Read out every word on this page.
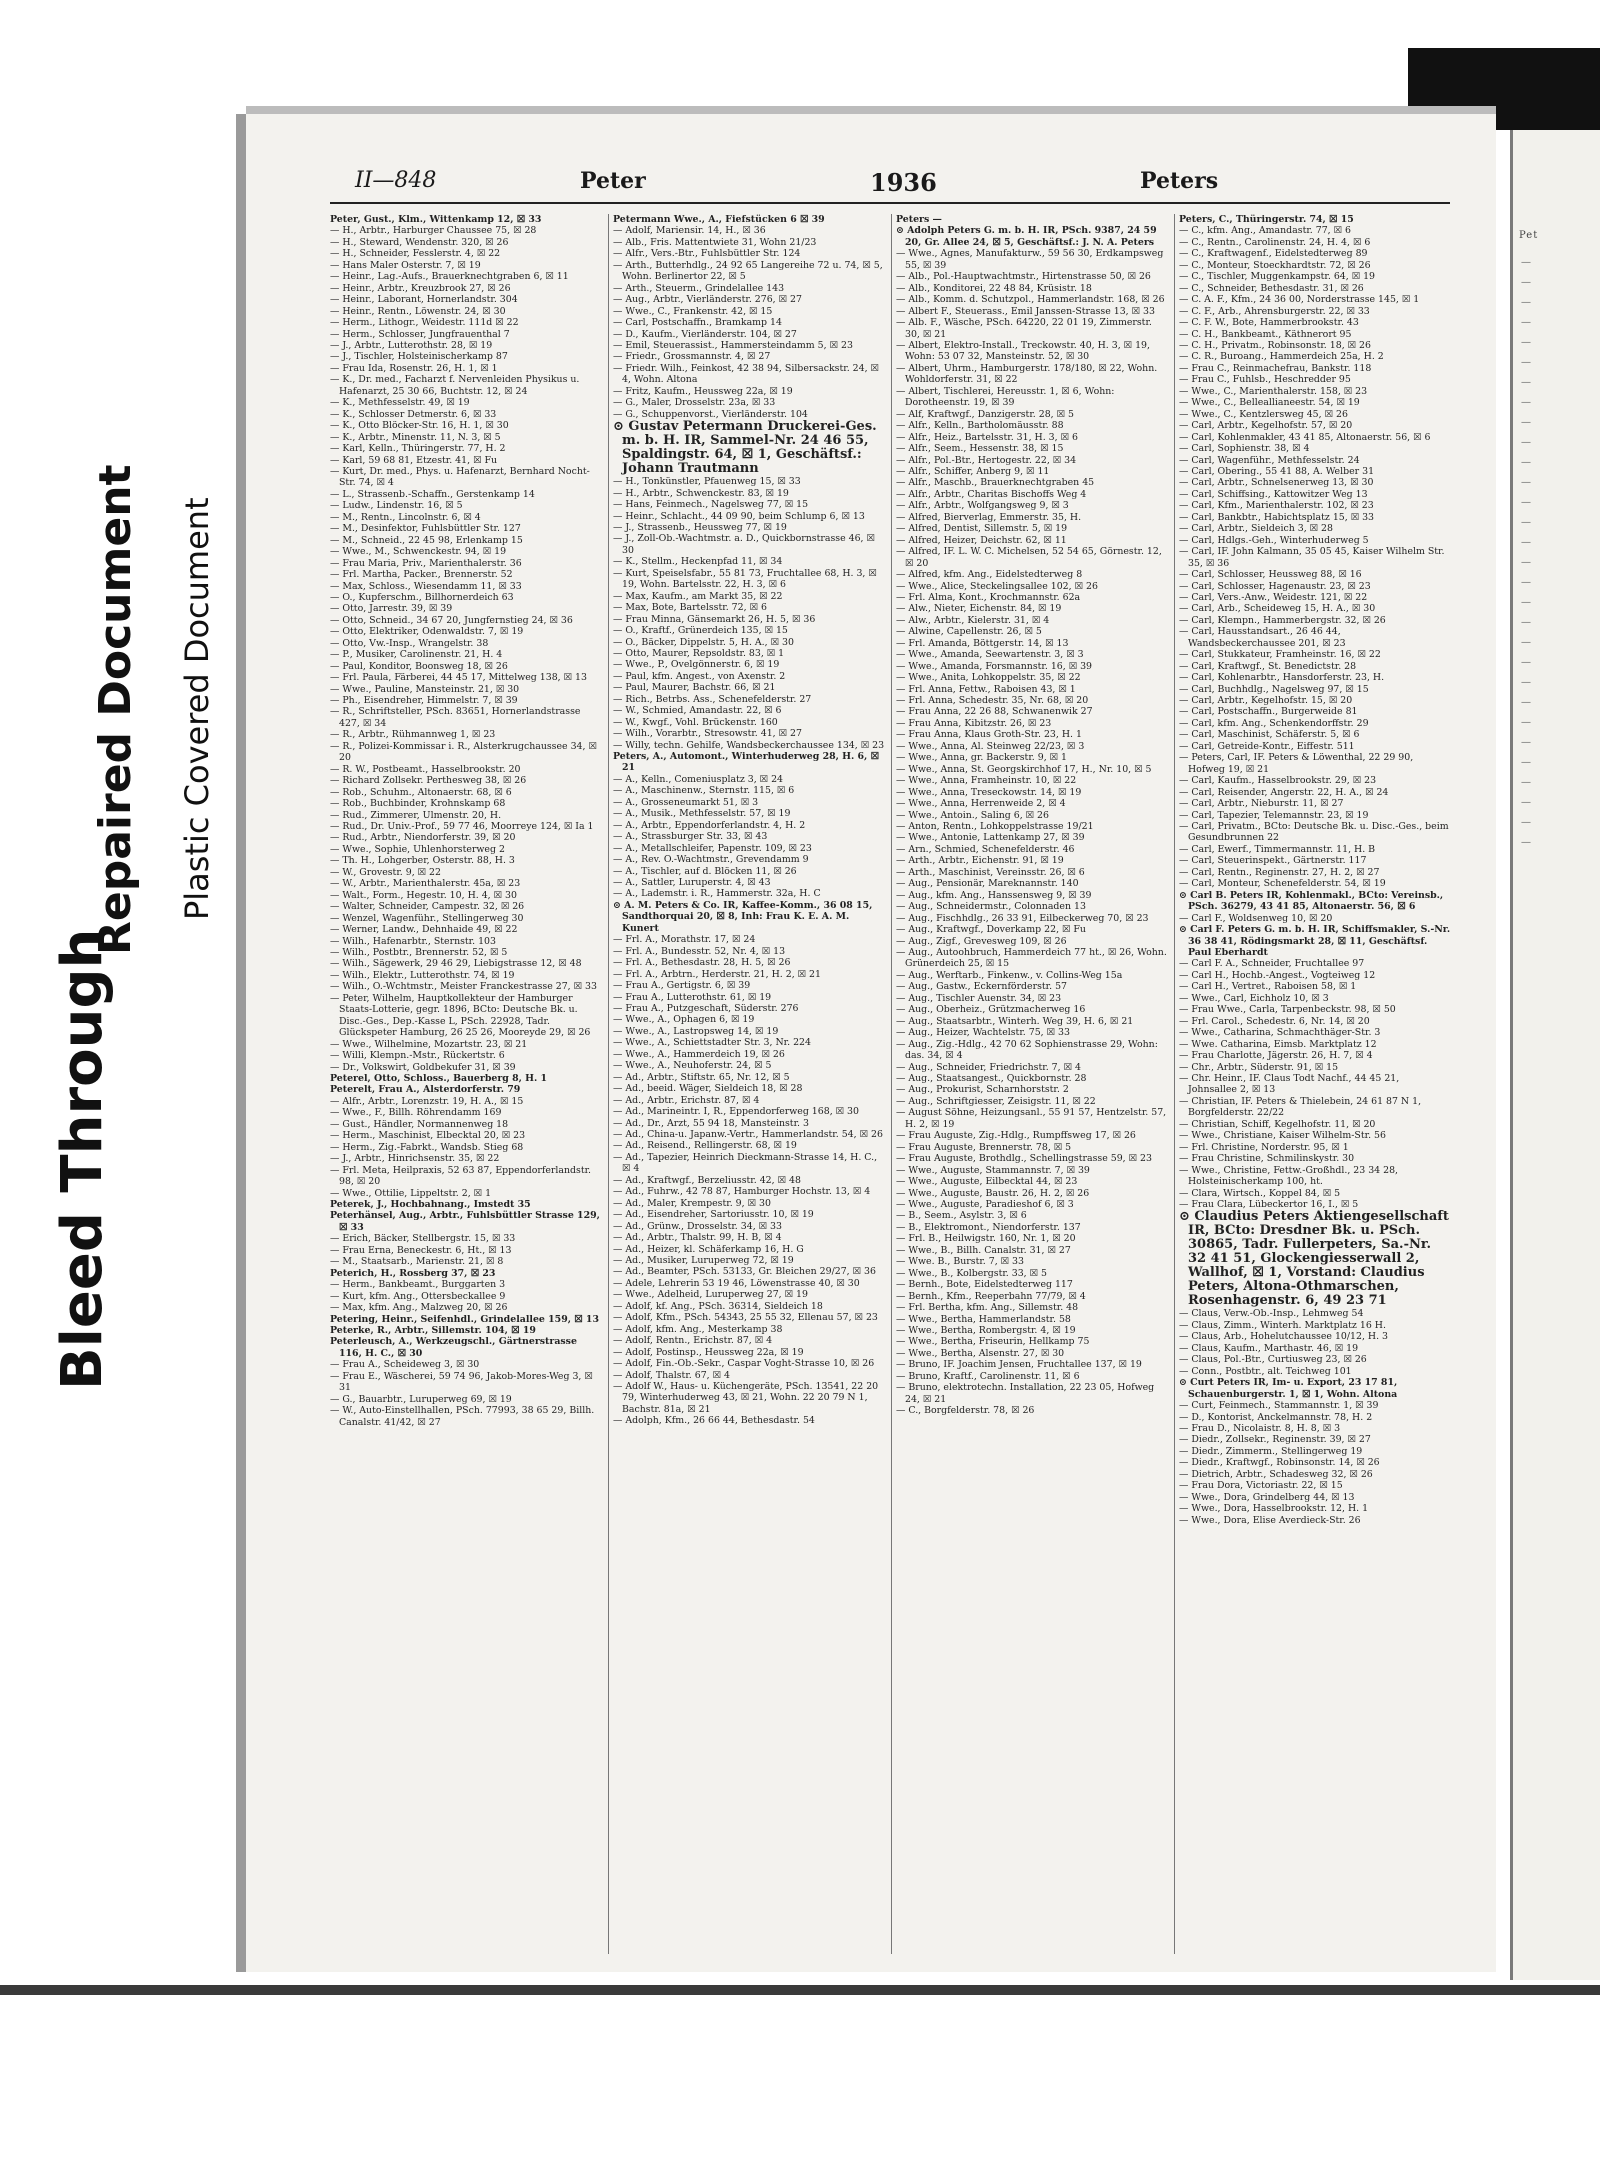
Bleed Through
Repaired Document Plastic Covered Document
Pet
—
—
—
—
—
—
—
—
—
—
—
—
—
—
—
—
—
—
—
—
—
—
—
—
—
—
—
—
—
—
II—848	Peter	1936	Peters
Peter, Gust., Klm., Wittenkamp 12, ☒ 33
— H., Arbtr., Harburger Chaussee 75, ☒ 28
— H., Steward, Wendenstr. 320, ☒ 26
— H., Schneider, Fesslerstr. 4, ☒ 22
— Hans Maler Osterstr. 7, ☒ 19
— Heinr., Lag.-Aufs., Brauerknechtgraben 6, ☒ 11
— Heinr., Arbtr., Kreuzbrook 27, ☒ 26
— Heinr., Laborant, Hornerlandstr. 304
— Heinr., Rentn., Löwenstr. 24, ☒ 30
— Herm., Lithogr., Weidestr. 111d ☒ 22
— Herm., Schlosser, Jungfrauenthal 7
— J., Arbtr., Lutterothstr. 28, ☒ 19
— J., Tischler, Holsteinischerkamp 87
— Frau Ida, Rosenstr. 26, H. 1, ☒ 1
— K., Dr. med., Facharzt f. Nervenleiden Physikus u. Hafenarzt, 25 30 66, Buchtstr. 12, ☒ 24
— K., Methfesselstr. 49, ☒ 19
— K., Schlosser Detmerstr. 6, ☒ 33
— K., Otto Blöcker-Str. 16, H. 1, ☒ 30
— K., Arbtr., Minenstr. 11, N. 3, ☒ 5
— Karl, Kelln., Thüringerstr. 77, H. 2
— Karl, 59 68 81, Etzestr. 41, ☒ Fu
— Kurt, Dr. med., Phys. u. Hafenarzt, Bernhard Nocht-Str. 74, ☒ 4
— L., Strassenb.-Schaffn., Gerstenkamp 14
— Ludw., Lindenstr. 16, ☒ 5
— M., Rentn., Lincolnstr. 6, ☒ 4
— M., Desinfektor, Fuhlsbüttler Str. 127
— M., Schneid., 22 45 98, Erlenkamp 15
— Wwe., M., Schwenckestr. 94, ☒ 19
— Frau Maria, Priv., Marienthalerstr. 36
— Frl. Martha, Packer., Brennerstr. 52
— Max, Schloss., Wiesendamm 11, ☒ 33
— O., Kupferschm., Billhornerdeich 63
— Otto, Jarrestr. 39, ☒ 39
— Otto, Schneid., 34 67 20, Jungfernstieg 24, ☒ 36
— Otto, Elektriker, Odenwaldstr. 7, ☒ 19
— Otto, Vw.-Insp., Wrangelstr. 38
— P., Musiker, Carolinenstr. 21, H. 4
— Paul, Konditor, Boonsweg 18, ☒ 26
— Frl. Paula, Färberei, 44 45 17, Mittelweg 138, ☒ 13
— Wwe., Pauline, Mansteinstr. 21, ☒ 30
— Ph., Eisendreher, Himmelstr. 7, ☒ 39
— R., Schriftsteller, PSch. 83651, Hornerlandstrasse 427, ☒ 34
— R., Arbtr., Rühmannweg 1, ☒ 23
— R., Polizei-Kommissar i. R., Alsterkrugchaussee 34, ☒ 20
— R. W., Postbeamt., Hasselbrookstr. 20
— Richard Zollsekr. Perthesweg 38, ☒ 26
— Rob., Schuhm., Altonaerstr. 68, ☒ 6
— Rob., Buchbinder, Krohnskamp 68
— Rud., Zimmerer, Ulmenstr. 20, H.
— Rud., Dr. Univ.-Prof., 59 77 46, Moorreye 124, ☒ Ia 1
— Rud., Arbtr., Niendorferstr. 39, ☒ 20
— Wwe., Sophie, Uhlenhorsterweg 2
— Th. H., Lohgerber, Osterstr. 88, H. 3
— W., Grovestr. 9, ☒ 22
— W., Arbtr., Marienthalerstr. 45a, ☒ 23
— Walt., Form., Hegestr. 10, H. 4, ☒ 30
— Walter, Schneider, Campestr. 32, ☒ 26
— Wenzel, Wagenführ., Stellingerweg 30
— Werner, Landw., Dehnhaide 49, ☒ 22
— Wilh., Hafenarbtr., Sternstr. 103
— Wilh., Postbtr., Brennerstr. 52, ☒ 5
— Wilh., Sägewerk, 29 46 29, Liebigstrasse 12, ☒ 48
— Wilh., Elektr., Lutterothstr. 74, ☒ 19
— Wilh., O.-Wchtmstr., Meister Franckestrasse 27, ☒ 33
— Peter, Wilhelm, Hauptkollekteur der Hamburger Staats-Lotterie, gegr. 1896, BCto: Deutsche Bk. u. Disc.-Ges., Dep.-Kasse L, PSch. 22928, Tadr. Glückspeter Hamburg, 26 25 26, Mooreyde 29, ☒ 26
— Wwe., Wilhelmine, Mozartstr. 23, ☒ 21
— Willi, Klempn.-Mstr., Rückertstr. 6
— Dr., Volkswirt, Goldbekufer 31, ☒ 39
Peterel, Otto, Schloss., Bauerberg 8, H. 1
Peterelt, Frau A., Alsterdorferstr. 79
— Alfr., Arbtr., Lorenzstr. 19, H. A., ☒ 15
— Wwe., F., Billh. Röhrendamm 169
— Gust., Händler, Normannenweg 18
— Herm., Maschinist, Elbecktal 20, ☒ 23
— Herm., Zig.-Fabrkt., Wandsb. Stieg 68
— J., Arbtr., Hinrichsenstr. 35, ☒ 22
— Frl. Meta, Heilpraxis, 52 63 87, Eppendorferlandstr. 98, ☒ 20
— Wwe., Ottilie, Lippeltstr. 2, ☒ 1
Peterek, J., Hochbahnang., Imstedt 35
Peterhänsel, Aug., Arbtr., Fuhlsbüttler Strasse 129, ☒ 33
— Erich, Bäcker, Stellbergstr. 15, ☒ 33
— Frau Erna, Beneckestr. 6, Ht., ☒ 13
— M., Staatsarb., Marienstr. 21, ☒ 8
Peterich, H., Rossberg 37, ☒ 23
— Herm., Bankbeamt., Burggarten 3
— Kurt, kfm. Ang., Ottersbeckallee 9
— Max, kfm. Ang., Malzweg 20, ☒ 26
Petering, Heinr., Seifenhdl., Grindelallee 159, ☒ 13
Peterke, R., Arbtr., Sillemstr. 104, ☒ 19
Peterleusch, A., Werkzeugschl., Gärtnerstrasse 116, H. C., ☒ 30
— Frau A., Scheideweg 3, ☒ 30
— Frau E., Wäscherei, 59 74 96, Jakob-Mores-Weg 3, ☒ 31
— G., Bauarbtr., Luruperweg 69, ☒ 19
— W., Auto-Einstellhallen, PSch. 77993, 38 65 29, Billh. Canalstr. 41/42, ☒ 27
Petermann Wwe., A., Fiefstücken 6 ☒ 39
— Adolf, Mariensir. 14, H., ☒ 36
— Alb., Fris. Mattentwiete 31, Wohn 21/23
— Alfr., Vers.-Btr., Fuhlsbüttler Str. 124
— Arth., Butterhdlg., 24 92 65 Langereihe 72 u. 74, ☒ 5, Wohn. Berlinertor 22, ☒ 5
— Arth., Steuerm., Grindelallee 143
— Aug., Arbtr., Vierländerstr. 276, ☒ 27
— Wwe., C., Frankenstr. 42, ☒ 15
— Carl, Postschaffn., Bramkamp 14
— D., Kaufm., Vierländerstr. 104, ☒ 27
— Emil, Steuerassist., Hammersteindamm 5, ☒ 23
— Friedr., Grossmannstr. 4, ☒ 27
— Friedr. Wilh., Feinkost, 42 38 94, Silbersackstr. 24, ☒ 4, Wohn. Altona
— Fritz, Kaufm., Heussweg 22a, ☒ 19
— G., Maler, Drosselstr. 23a, ☒ 33
— G., Schuppenvorst., Vierländerstr. 104
⊙ Gustav Petermann Druckerei-Ges. m. b. H. IR, Sammel-Nr. 24 46 55, Spaldingstr. 64, ☒ 1, Geschäftsf.: Johann Trautmann
— H., Tonkünstler, Pfauenweg 15, ☒ 33
— H., Arbtr., Schwenckestr. 83, ☒ 19
— Hans, Feinmech., Nagelsweg 77, ☒ 15
— Heinr., Schlacht., 44 09 90, beim Schlump 6, ☒ 13
— J., Strassenb., Heussweg 77, ☒ 19
— J., Zoll-Ob.-Wachtmstr. a. D., Quickbornstrasse 46, ☒ 30
— K., Stellm., Heckenpfad 11, ☒ 34
— Kurt, Speiselsfabr., 55 81 73, Fruchtallee 68, H. 3, ☒ 19, Wohn. Bartelsstr. 22, H. 3, ☒ 6
— Max, Kaufm., am Markt 35, ☒ 22
— Max, Bote, Bartelsstr. 72, ☒ 6
— Frau Minna, Gänsemarkt 26, H. 5, ☒ 36
— O., Kraftf., Grünerdeich 135, ☒ 15
— O., Bäcker, Dippelstr. 5, H. A., ☒ 30
— Otto, Maurer, Repsoldstr. 83, ☒ 1
— Wwe., P., Ovelgönnerstr. 6, ☒ 19
— Paul, kfm. Angest., von Axenstr. 2
— Paul, Maurer, Bachstr. 66, ☒ 21
— Rich., Betrbs. Ass., Schenefelderstr. 27
— W., Schmied, Amandastr. 22, ☒ 6
— W., Kwgf., Vohl. Brückenstr. 160
— Wilh., Vorarbtr., Stresowstr. 41, ☒ 27
— Willy, techn. Gehilfe, Wandsbeckerchaussee 134, ☒ 23
Peters, A., Automont., Winterhuderweg 28, H. 6, ☒ 21
— A., Kelln., Comeniusplatz 3, ☒ 24
— A., Maschinenw., Sternstr. 115, ☒ 6
— A., Grosseneumarkt 51, ☒ 3
— A., Musik., Methfesselstr. 57, ☒ 19
— A., Arbtr., Eppendorferlandstr. 4, H. 2
— A., Strassburger Str. 33, ☒ 43
— A., Metallschleifer, Papenstr. 109, ☒ 23
— A., Rev. O.-Wachtmstr., Grevendamm 9
— A., Tischler, auf d. Blöcken 11, ☒ 26
— A., Sattler, Luruperstr. 4, ☒ 43
— A., Lademstr. i. R., Hammerstr. 32a, H. C
⊙ A. M. Peters & Co. IR, Kaffee-Komm., 36 08 15, Sandthorquai 20, ☒ 8, Inh: Frau K. E. A. M. Kunert
— Frl. A., Morathstr. 17, ☒ 24
— Frl. A., Bundesstr. 52, Nr. 4, ☒ 13
— Frl. A., Bethesdastr. 28, H. 5, ☒ 26
— Frl. A., Arbtrn., Herderstr. 21, H. 2, ☒ 21
— Frau A., Gertigstr. 6, ☒ 39
— Frau A., Lutterothstr. 61, ☒ 19
— Frau A., Putzgeschaft, Süderstr. 276
— Wwe., A., Ophagen 6, ☒ 19
— Wwe., A., Lastropsweg 14, ☒ 19
— Wwe., A., Schiettstadter Str. 3, Nr. 224
— Wwe., A., Hammerdeich 19, ☒ 26
— Wwe., A., Neuhoferstr. 24, ☒ 5
— Ad., Arbtr., Stiftstr. 65, Nr. 12, ☒ 5
— Ad., beeid. Wäger, Sieldeich 18, ☒ 28
— Ad., Arbtr., Erichstr. 87, ☒ 4
— Ad., Marineintr. I, R., Eppendorferweg 168, ☒ 30
— Ad., Dr., Arzt, 55 94 18, Mansteinstr. 3
— Ad., China-u. Japanw.-Vertr., Hammerlandstr. 54, ☒ 26
— Ad., Reisend., Rellingerstr. 68, ☒ 19
— Ad., Tapezier, Heinrich Dieckmann-Strasse 14, H. C., ☒ 4
— Ad., Kraftwgf., Berzeliusstr. 42, ☒ 48
— Ad., Fuhrw., 42 78 87, Hamburger Hochstr. 13, ☒ 4
— Ad., Maler, Krempestr. 9, ☒ 30
— Ad., Eisendreher, Sartoriusstr. 10, ☒ 19
— Ad., Grünw., Drosselstr. 34, ☒ 33
— Ad., Arbtr., Thalstr. 99, H. B, ☒ 4
— Ad., Heizer, kl. Schäferkamp 16, H. G
— Ad., Musiker, Luruperweg 72, ☒ 19
— Ad., Beamter, PSch. 53133, Gr. Bleichen 29/27, ☒ 36
— Adele, Lehrerin 53 19 46, Löwenstrasse 40, ☒ 30
— Wwe., Adelheid, Luruperweg 27, ☒ 19
— Adolf, kf. Ang., PSch. 36314, Sieldeich 18
— Adolf, Kfm., PSch. 54343, 25 55 32, Ellenau 57, ☒ 23
— Adolf, kfm. Ang., Mesterkamp 38
— Adolf, Rentn., Erichstr. 87, ☒ 4
— Adolf, Postinsp., Heussweg 22a, ☒ 19
— Adolf, Fin.-Ob.-Sekr., Caspar Voght-Strasse 10, ☒ 26
— Adolf, Thalstr. 67, ☒ 4
— Adolf W., Haus- u. Küchengeräte, PSch. 13541, 22 20 79, Winterhuderweg 43, ☒ 21, Wohn. 22 20 79 N 1, Bachstr. 81a, ☒ 21
— Adolph, Kfm., 26 66 44, Bethesdastr. 54
Peters —
⊙ Adolph Peters G. m. b. H. IR, PSch. 9387, 24 59 20, Gr. Allee 24, ☒ 5, Geschäftsf.: J. N. A. Peters
— Wwe., Agnes, Manufakturw., 59 56 30, Erdkampsweg 55, ☒ 39
— Alb., Pol.-Hauptwachtmstr., Hirtenstrasse 50, ☒ 26
— Alb., Konditorei, 22 48 84, Krüsistr. 18
— Alb., Komm. d. Schutzpol., Hammerlandstr. 168, ☒ 26
— Albert F., Steuerass., Emil Janssen-Strasse 13, ☒ 33
— Alb. F., Wäsche, PSch. 64220, 22 01 19, Zimmerstr. 30, ☒ 21
— Albert, Elektro-Install., Treckowstr. 40, H. 3, ☒ 19, Wohn: 53 07 32, Mansteinstr. 52, ☒ 30
— Albert, Uhrm., Hamburgerstr. 178/180, ☒ 22, Wohn. Wohldorferstr. 31, ☒ 22
— Albert, Tischlerei, Hereusstr. 1, ☒ 6, Wohn: Dorotheenstr. 19, ☒ 39
— Alf, Kraftwgf., Danzigerstr. 28, ☒ 5
— Alfr., Kelln., Bartholomäusstr. 88
— Alfr., Heiz., Bartelsstr. 31, H. 3, ☒ 6
— Alfr., Seem., Hessenstr. 38, ☒ 15
— Alfr., Pol.-Btr., Hertogestr. 22, ☒ 34
— Alfr., Schiffer, Anberg 9, ☒ 11
— Alfr., Maschb., Brauerknechtgraben 45
— Alfr., Arbtr., Charitas Bischoffs Weg 4
— Alfr., Arbtr., Wolfgangsweg 9, ☒ 3
— Alfred, Bierverlag, Emmerstr. 35, H.
— Alfred, Dentist, Sillemstr. 5, ☒ 19
— Alfred, Heizer, Deichstr. 62, ☒ 11
— Alfred, IF. L. W. C. Michelsen, 52 54 65, Görnestr. 12, ☒ 20
— Alfred, kfm. Ang., Eidelstedterweg 8
— Wwe., Alice, Steckelingsallee 102, ☒ 26
— Frl. Alma, Kont., Krochmannstr. 62a
— Alw., Nieter, Eichenstr. 84, ☒ 19
— Alw., Arbtr., Kielerstr. 31, ☒ 4
— Alwine, Capellenstr. 26, ☒ 5
— Frl. Amanda, Böttgerstr. 14, ☒ 13
— Wwe., Amanda, Seewartenstr. 3, ☒ 3
— Wwe., Amanda, Forsmannstr. 16, ☒ 39
— Wwe., Anita, Lohkoppelstr. 35, ☒ 22
— Frl. Anna, Fettw., Raboisen 43, ☒ 1
— Frl. Anna, Schedestr. 35, Nr. 68, ☒ 20
— Frau Anna, 22 26 88, Schwanenwik 27
— Frau Anna, Kibitzstr. 26, ☒ 23
— Frau Anna, Klaus Groth-Str. 23, H. 1
— Wwe., Anna, Al. Steinweg 22/23, ☒ 3
— Wwe., Anna, gr. Backerstr. 9, ☒ 1
— Wwe., Anna, St. Georgskirchhof 17, H., Nr. 10, ☒ 5
— Wwe., Anna, Framheinstr. 10, ☒ 22
— Wwe., Anna, Treseckowstr. 14, ☒ 19
— Wwe., Anna, Herrenweide 2, ☒ 4
— Wwe., Antoin., Saling 6, ☒ 26
— Anton, Rentn., Lohkoppelstrasse 19/21
— Wwe., Antonie, Lattenkamp 27, ☒ 39
— Arn., Schmied, Schenefelderstr. 46
— Arth., Arbtr., Eichenstr. 91, ☒ 19
— Arth., Maschinist, Vereinsstr. 26, ☒ 6
— Aug., Pensionär, Mareknannstr. 140
— Aug., kfm. Ang., Hanssensweg 9, ☒ 39
— Aug., Schneidermstr., Colonnaden 13
— Aug., Fischhdlg., 26 33 91, Eilbeckerweg 70, ☒ 23
— Aug., Kraftwgf., Doverkamp 22, ☒ Fu
— Aug., Zigf., Grevesweg 109, ☒ 26
— Aug., Autoohbruch, Hammerdeich 77 ht., ☒ 26, Wohn. Grünerdeich 25, ☒ 15
— Aug., Werftarb., Finkenw., v. Collins-Weg 15a
— Aug., Gastw., Eckernförderstr. 57
— Aug., Tischler Auenstr. 34, ☒ 23
— Aug., Oberheiz., Grützmacherweg 16
— Aug., Staatsarbtr., Winterh. Weg 39, H. 6, ☒ 21
— Aug., Heizer, Wachtelstr. 75, ☒ 33
— Aug., Zig.-Hdlg., 42 70 62 Sophienstrasse 29, Wohn: das. 34, ☒ 4
— Aug., Schneider, Friedrichstr. 7, ☒ 4
— Aug., Staatsangest., Quickbornstr. 28
— Aug., Prokurist, Scharnhorststr. 2
— Aug., Schriftgiesser, Zeisigstr. 11, ☒ 22
— August Söhne, Heizungsanl., 55 91 57, Hentzelstr. 57, H. 2, ☒ 19
— Frau Auguste, Zig.-Hdlg., Rumpffsweg 17, ☒ 26
— Frau Auguste, Brennerstr. 78, ☒ 5
— Frau Auguste, Brothdlg., Schellingstrasse 59, ☒ 23
— Wwe., Auguste, Stammannstr. 7, ☒ 39
— Wwe., Auguste, Eilbecktal 44, ☒ 23
— Wwe., Auguste, Baustr. 26, H. 2, ☒ 26
— Wwe., Auguste, Paradieshof 6, ☒ 3
— B., Seem., Asylstr. 3, ☒ 6
— B., Elektromont., Niendorferstr. 137
— Frl. B., Heilwigstr. 160, Nr. 1, ☒ 20
— Wwe., B., Billh. Canalstr. 31, ☒ 27
— Wwe. B., Burstr. 7, ☒ 33
— Wwe., B., Kolbergstr. 33, ☒ 5
— Bernh., Bote, Eidelstedterweg 117
— Bernh., Kfm., Reeperbahn 77/79, ☒ 4
— Frl. Bertha, kfm. Ang., Sillemstr. 48
— Wwe., Bertha, Hammerlandstr. 58
— Wwe., Bertha, Rombergstr. 4, ☒ 19
— Wwe., Bertha, Friseurin, Hellkamp 75
— Wwe., Bertha, Alsenstr. 27, ☒ 30
— Bruno, IF. Joachim Jensen, Fruchtallee 137, ☒ 19
— Bruno, Kraftf., Carolinenstr. 11, ☒ 6
— Bruno, elektrotechn. Installation, 22 23 05, Hofweg 24, ☒ 21
— C., Borgfelderstr. 78, ☒ 26
Peters, C., Thüringerstr. 74, ☒ 15
— C., kfm. Ang., Amandastr. 77, ☒ 6
— C., Rentn., Carolinenstr. 24, H. 4, ☒ 6
— C., Kraftwagenf., Eidelstedterweg 89
— C., Monteur, Stoeckhardtstr. 72, ☒ 26
— C., Tischler, Muggenkampstr. 64, ☒ 19
— C., Schneider, Bethesdastr. 31, ☒ 26
— C. A. F., Kfm., 24 36 00, Norderstrasse 145, ☒ 1
— C. F., Arb., Ahrensburgerstr. 22, ☒ 33
— C. F. W., Bote, Hammerbrookstr. 43
— C. H., Bankbeamt., Käthnerort 95
— C. H., Privatm., Robinsonstr. 18, ☒ 26
— C. R., Buroang., Hammerdeich 25a, H. 2
— Frau C., Reinmachefrau, Bankstr. 118
— Frau C., Fuhlsb., Heschredder 95
— Wwe., C., Marienthalerstr. 158, ☒ 23
— Wwe., C., Belleallianeestr. 54, ☒ 19
— Wwe., C., Kentzlersweg 45, ☒ 26
— Carl, Arbtr., Kegelhofstr. 57, ☒ 20
— Carl, Kohlenmakler, 43 41 85, Altonaerstr. 56, ☒ 6
— Carl, Sophienstr. 38, ☒ 4
— Carl, Wagenführ., Methfesselstr. 24
— Carl, Obering., 55 41 88, A. Welber 31
— Carl, Arbtr., Schnelsenerweg 13, ☒ 30
— Carl, Schiffsing., Kattowitzer Weg 13
— Carl, Kfm., Marienthalerstr. 102, ☒ 23
— Carl, Bankbtr., Habichtsplatz 15, ☒ 33
— Carl, Arbtr., Sieldeich 3, ☒ 28
— Carl, Hdlgs.-Geh., Winterhuderweg 5
— Carl, IF. John Kalmann, 35 05 45, Kaiser Wilhelm Str. 35, ☒ 36
— Carl, Schlosser, Heussweg 88, ☒ 16
— Carl, Schlosser, Hagenaustr. 23, ☒ 23
— Carl, Vers.-Anw., Weidestr. 121, ☒ 22
— Carl, Arb., Scheideweg 15, H. A., ☒ 30
— Carl, Klempn., Hammerbergstr. 32, ☒ 26
— Carl, Hausstandsart., 26 46 44, Wandsbeckerchaussee 201, ☒ 23
— Carl, Stukkateur, Framheinstr. 16, ☒ 22
— Carl, Kraftwgf., St. Benedictstr. 28
— Carl, Kohlenarbtr., Hansdorferstr. 23, H.
— Carl, Buchhdlg., Nagelsweg 97, ☒ 15
— Carl, Arbtr., Kegelhofstr. 15, ☒ 20
— Carl, Postschaffn., Burgerweide 81
— Carl, kfm. Ang., Schenkendorffstr. 29
— Carl, Maschinist, Schäferstr. 5, ☒ 6
— Carl, Getreide-Kontr., Eiffestr. 511
— Peters, Carl, IF. Peters & Löwenthal, 22 29 90, Hofweg 19, ☒ 21
— Carl, Kaufm., Hasselbrookstr. 29, ☒ 23
— Carl, Reisender, Angerstr. 22, H. A., ☒ 24
— Carl, Arbtr., Nieburstr. 11, ☒ 27
— Carl, Tapezier, Telemannstr. 23, ☒ 19
— Carl, Privatm., BCto: Deutsche Bk. u. Disc.-Ges., beim Gesundbrunnen 22
— Carl, Ewerf., Timmermannstr. 11, H. B
— Carl, Steuerinspekt., Gärtnerstr. 117
— Carl, Rentn., Reginenstr. 27, H. 2, ☒ 27
— Carl, Monteur, Schenefelderstr. 54, ☒ 19
⊙ Carl B. Peters IR, Kohlenmakl., BCto: Vereinsb., PSch. 36279, 43 41 85, Altonaerstr. 56, ☒ 6
— Carl F., Woldsenweg 10, ☒ 20
⊙ Carl F. Peters G. m. b. H. IR, Schiffsmakler, S.-Nr. 36 38 41, Rödingsmarkt 28, ☒ 11, Geschäftsf. Paul Eberhardt
— Carl F. A., Schneider, Fruchtallee 97
— Carl H., Hochb.-Angest., Vogteiweg 12
— Carl H., Vertret., Raboisen 58, ☒ 1
— Wwe., Carl, Eichholz 10, ☒ 3
— Frau Wwe., Carla, Tarpenbeckstr. 98, ☒ 50
— Frl. Carol., Schedestr. 6, Nr. 14, ☒ 20
— Wwe., Catharina, Schmachthäger-Str. 3
— Wwe. Catharina, Eimsb. Marktplatz 12
— Frau Charlotte, Jägerstr. 26, H. 7, ☒ 4
— Chr., Arbtr., Süderstr. 91, ☒ 15
— Chr. Heinr., IF. Claus Todt Nachf., 44 45 21, Johnsallee 2, ☒ 13
— Christian, IF. Peters & Thielebein, 24 61 87 N 1, Borgfelderstr. 22/22
— Christian, Schiff, Kegelhofstr. 11, ☒ 20
— Wwe., Christiane, Kaiser Wilhelm-Str. 56
— Frl. Christine, Norderstr. 95, ☒ 1
— Frau Christine, Schmilinskystr. 30
— Wwe., Christine, Fettw.-Großhdl., 23 34 28, Holsteinischerkamp 100, ht.
— Clara, Wirtsch., Koppel 84, ☒ 5
— Frau Clara, Lübeckertor 16, I., ☒ 5
⊙ Claudius Peters Aktiengesellschaft IR, BCto: Dresdner Bk. u. PSch. 30865, Tadr. Fullerpeters, Sa.-Nr. 32 41 51, Glockengiesserwall 2, Wallhof, ☒ 1, Vorstand: Claudius Peters, Altona-Othmarschen, Rosenhagenstr. 6, 49 23 71
— Claus, Verw.-Ob.-Insp., Lehmweg 54
— Claus, Zimm., Winterh. Marktplatz 16 H.
— Claus, Arb., Hohelutchaussee 10/12, H. 3
— Claus, Kaufm., Marthastr. 46, ☒ 19
— Claus, Pol.-Btr., Curtiusweg 23, ☒ 26
— Conn., Postbtr., alt. Teichweg 101
⊙ Curt Peters IR, Im- u. Export, 23 17 81, Schauenburgerstr. 1, ☒ 1, Wohn. Altona
— Curt, Feinmech., Stammannstr. 1, ☒ 39
— D., Kontorist, Anckelmannstr. 78, H. 2
— Frau D., Nicolaistr. 8, H. 8, ☒ 3
— Diedr., Zollsekr., Reginenstr. 39, ☒ 27
— Diedr., Zimmerm., Stellingerweg 19
— Diedr., Kraftwgf., Robinsonstr. 14, ☒ 26
— Dietrich, Arbtr., Schadesweg 32, ☒ 26
— Frau Dora, Victoriastr. 22, ☒ 15
— Wwe., Dora, Grindelberg 44, ☒ 13
— Wwe., Dora, Hasselbrookstr. 12, H. 1
— Wwe., Dora, Elise Averdieck-Str. 26
